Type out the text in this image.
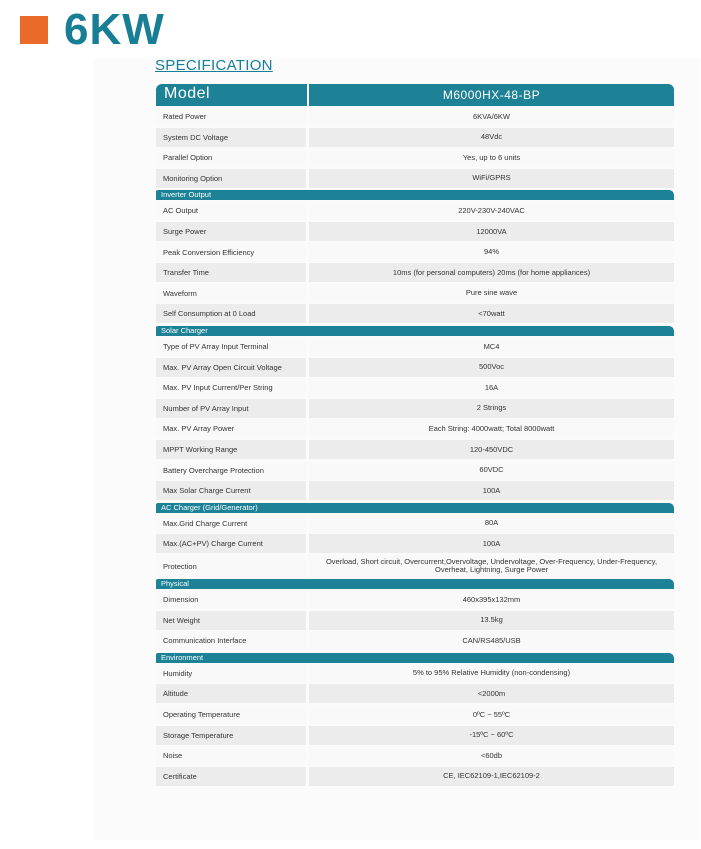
6KW
SPECIFICATION
Model	M6000HX-48-BP
Rated Power	6KVA/6KW
System DC Voltage	48Vdc
Parallel Option	Yes, up to 6 units
Monitoring Option	WiFi/GPRS
Inverter Output
AC Output	220V-230V-240VAC
Surge Power	12000VA
Peak Conversion Efficiency	94%
Transfer Time	10ms (for personal computers) 20ms (for home appliances)
Waveform	Pure sine wave
Self Consumption at 0 Load	<70watt
Solar Charger
Type of PV Array Input Terminal	MC4
Max. PV Array Open Circuit Voltage	500Voc
Max. PV Input Current/Per String	16A
Number of PV Array Input	2 Strings
Max. PV Array Power	Each String: 4000watt; Total 8000watt
MPPT Working Range	120-450VDC
Battery Overcharge Protection	60VDC
Max Solar Charge Current	100A
AC Charger (Grid/Generator)
Max.Grid Charge Current	80A
Max.(AC+PV) Charge Current	100A
Protection	Overload, Short circuit, Overcurrent,Overvoltage, Undervoltage, Over-Frequency, Under-Frequency, Overheat, Lightning, Surge Power
Physical
Dimension	460x395x132mm
Net Weight	13.5kg
Communication Interface	CAN/RS485/USB
Environment
Humidity	5% to 95% Relative Humidity (non-condensing)
Altitude	<2000m
Operating Temperature	0ºC ~ 55ºC
Storage Temperature	-15ºC ~ 60ºC
Noise	<60db
Certificate	CE, IEC62109-1,IEC62109-2
